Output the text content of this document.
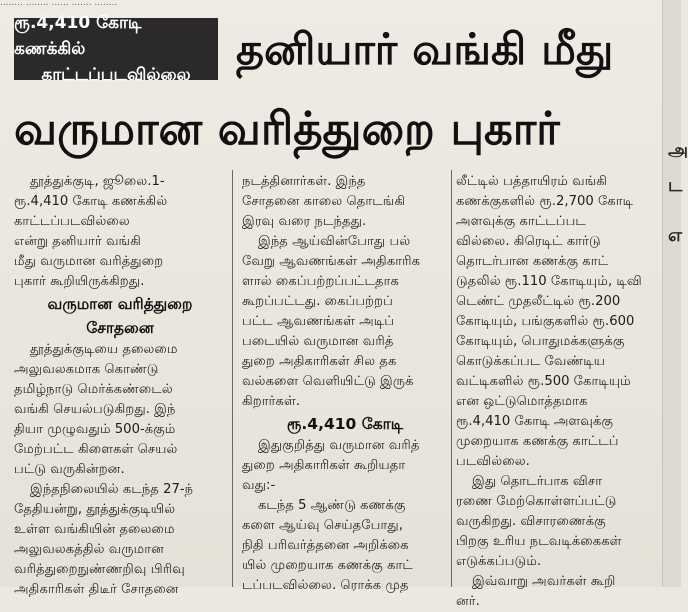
........ ........ ...... ....... ........
ரூ.4,410 கோடி கணக்கில்
காட்டப்படவில்லை தனியார் வங்கி மீது
வருமான வரித்துறை புகார்
தூத்துக்குடி, ஜூலை.1-
ரூ.4,410 கோடி கணக்கில்
காட்டப்படவில்லை
என்று தனியார் வங்கி
மீது வருமான வரித்துறை
புகார் கூறியிருக்கிறது.
வருமான வரித்துறை
சோதனை
தூத்துக்குடியை தலைமை
அலுவலகமாக கொண்டு
தமிழ்நாடு மெர்க்கண்டைல்
வங்கி செயல்படுகிறது. இந்
தியா முழுவதும் 500-க்கும்
மேற்பட்ட கிளைகள் செயல்
பட்டு வருகின்றன.
இந்தநிலையில் கடந்த 27-ந்
தேதியன்று, தூத்துக்குடியில்
உள்ள வங்கியின் தலைமை
அலுவலகத்தில் வருமான
வரித்துறைநுண்ணறிவு பிரிவு
அதிகாரிகள் திடீர் சோதனை
நடத்தினார்கள். இந்த
சோதனை காலை தொடங்கி
இரவு வரை நடந்தது.
இந்த ஆய்வின்போது பல்
வேறு ஆவணங்கள் அதிகாரிக
ளால் கைப்பற்றப்பட்டதாக
கூறப்பட்டது. கைப்பற்றப்
பட்ட ஆவணங்கள் அடிப்
படையில் வருமான வரித்
துறை அதிகாரிகள் சில தக
வல்களை வெளியிட்டு இருக்
கிறார்கள்.
ரூ.4,410 கோடி
இதுகுறித்து வருமான வரித்
துறை அதிகாரிகள் கூறியதா
வது:-
கடந்த 5 ஆண்டு கணக்கு
களை ஆய்வு செய்தபோது,
நிதி பரிவர்த்தனை அறிக்கை
யில் முறையாக கணக்கு காட்
டப்படவில்லை. ரொக்க முத
லீட்டில் பத்தாயிரம் வங்கி
கணக்குகளில் ரூ.2,700 கோடி
அளவுக்கு காட்டப்பட
வில்லை. கிரெடிட் கார்டு
தொடர்பான கணக்கு காட்
டுதலில் ரூ.110 கோடியும், டிவி
டெண்ட் முதலீட்டில் ரூ.200
கோடியும், பங்குகளில் ரூ.600
கோடியும், பொதுமக்களுக்கு
கொடுக்கப்பட வேண்டிய
வட்டிகளில் ரூ.500 கோடியும்
என ஒட்டுமொத்தமாக
ரூ.4,410 கோடி அளவுக்கு
முறையாக கணக்கு காட்டப்
படவில்லை.
இது தொடர்பாக விசா
ரணை மேற்கொள்ளப்பட்டு
வருகிறது. விசாரணைக்கு
பிறகு உரிய நடவடிக்கைகள்
எடுக்கப்படும்.
இவ்வாறு அவர்கள் கூறி
னர்.
அ
ட
எ
